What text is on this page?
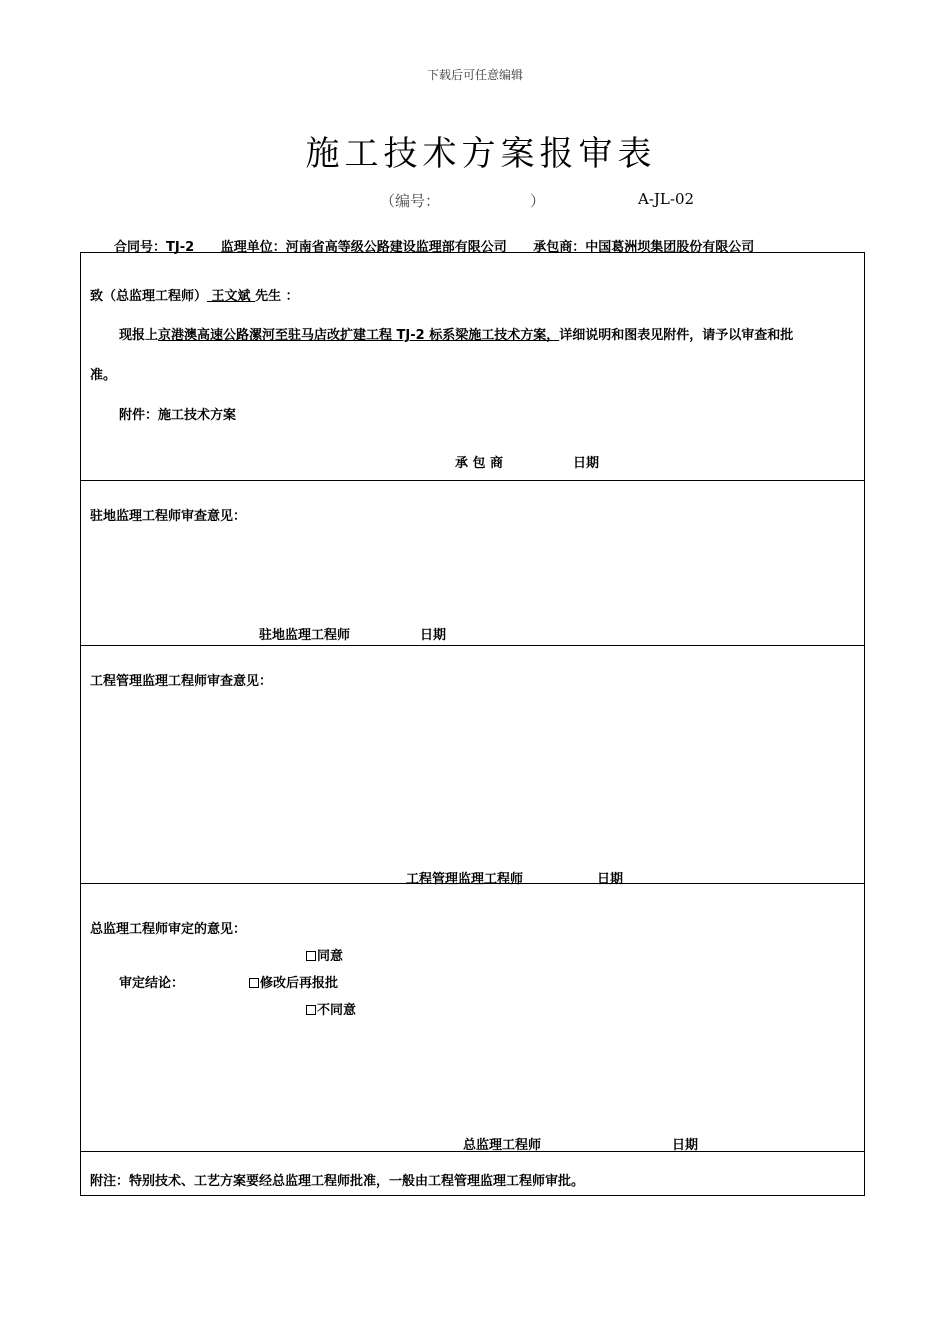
下载后可任意编辑
施工技术方案报审表
（编号：	）	A-JL-02
合同号：TJ-2 监理单位：河南省高等级公路建设监理部有限公司 承包商：中国葛洲坝集团股份有限公司
致（总监理工程师） 王文斌 先生 ：
现报上京港澳高速公路漯河至驻马店改扩建工程 TJ-2 标系梁施工技术方案，详细说明和图表见附件，请予以审查和批
准。
附件：施工技术方案
承 包 商	日期
驻地监理工程师审查意见：
驻地监理工程师	日期
工程管理监理工程师审查意见：
工程管理监理工程师	日期
总监理工程师审定的意见：
同意
审定结论：	修改后再报批
不同意
总监理工程师	日期
附注：特别技术、工艺方案要经总监理工程师批准，一般由工程管理监理工程师审批。
